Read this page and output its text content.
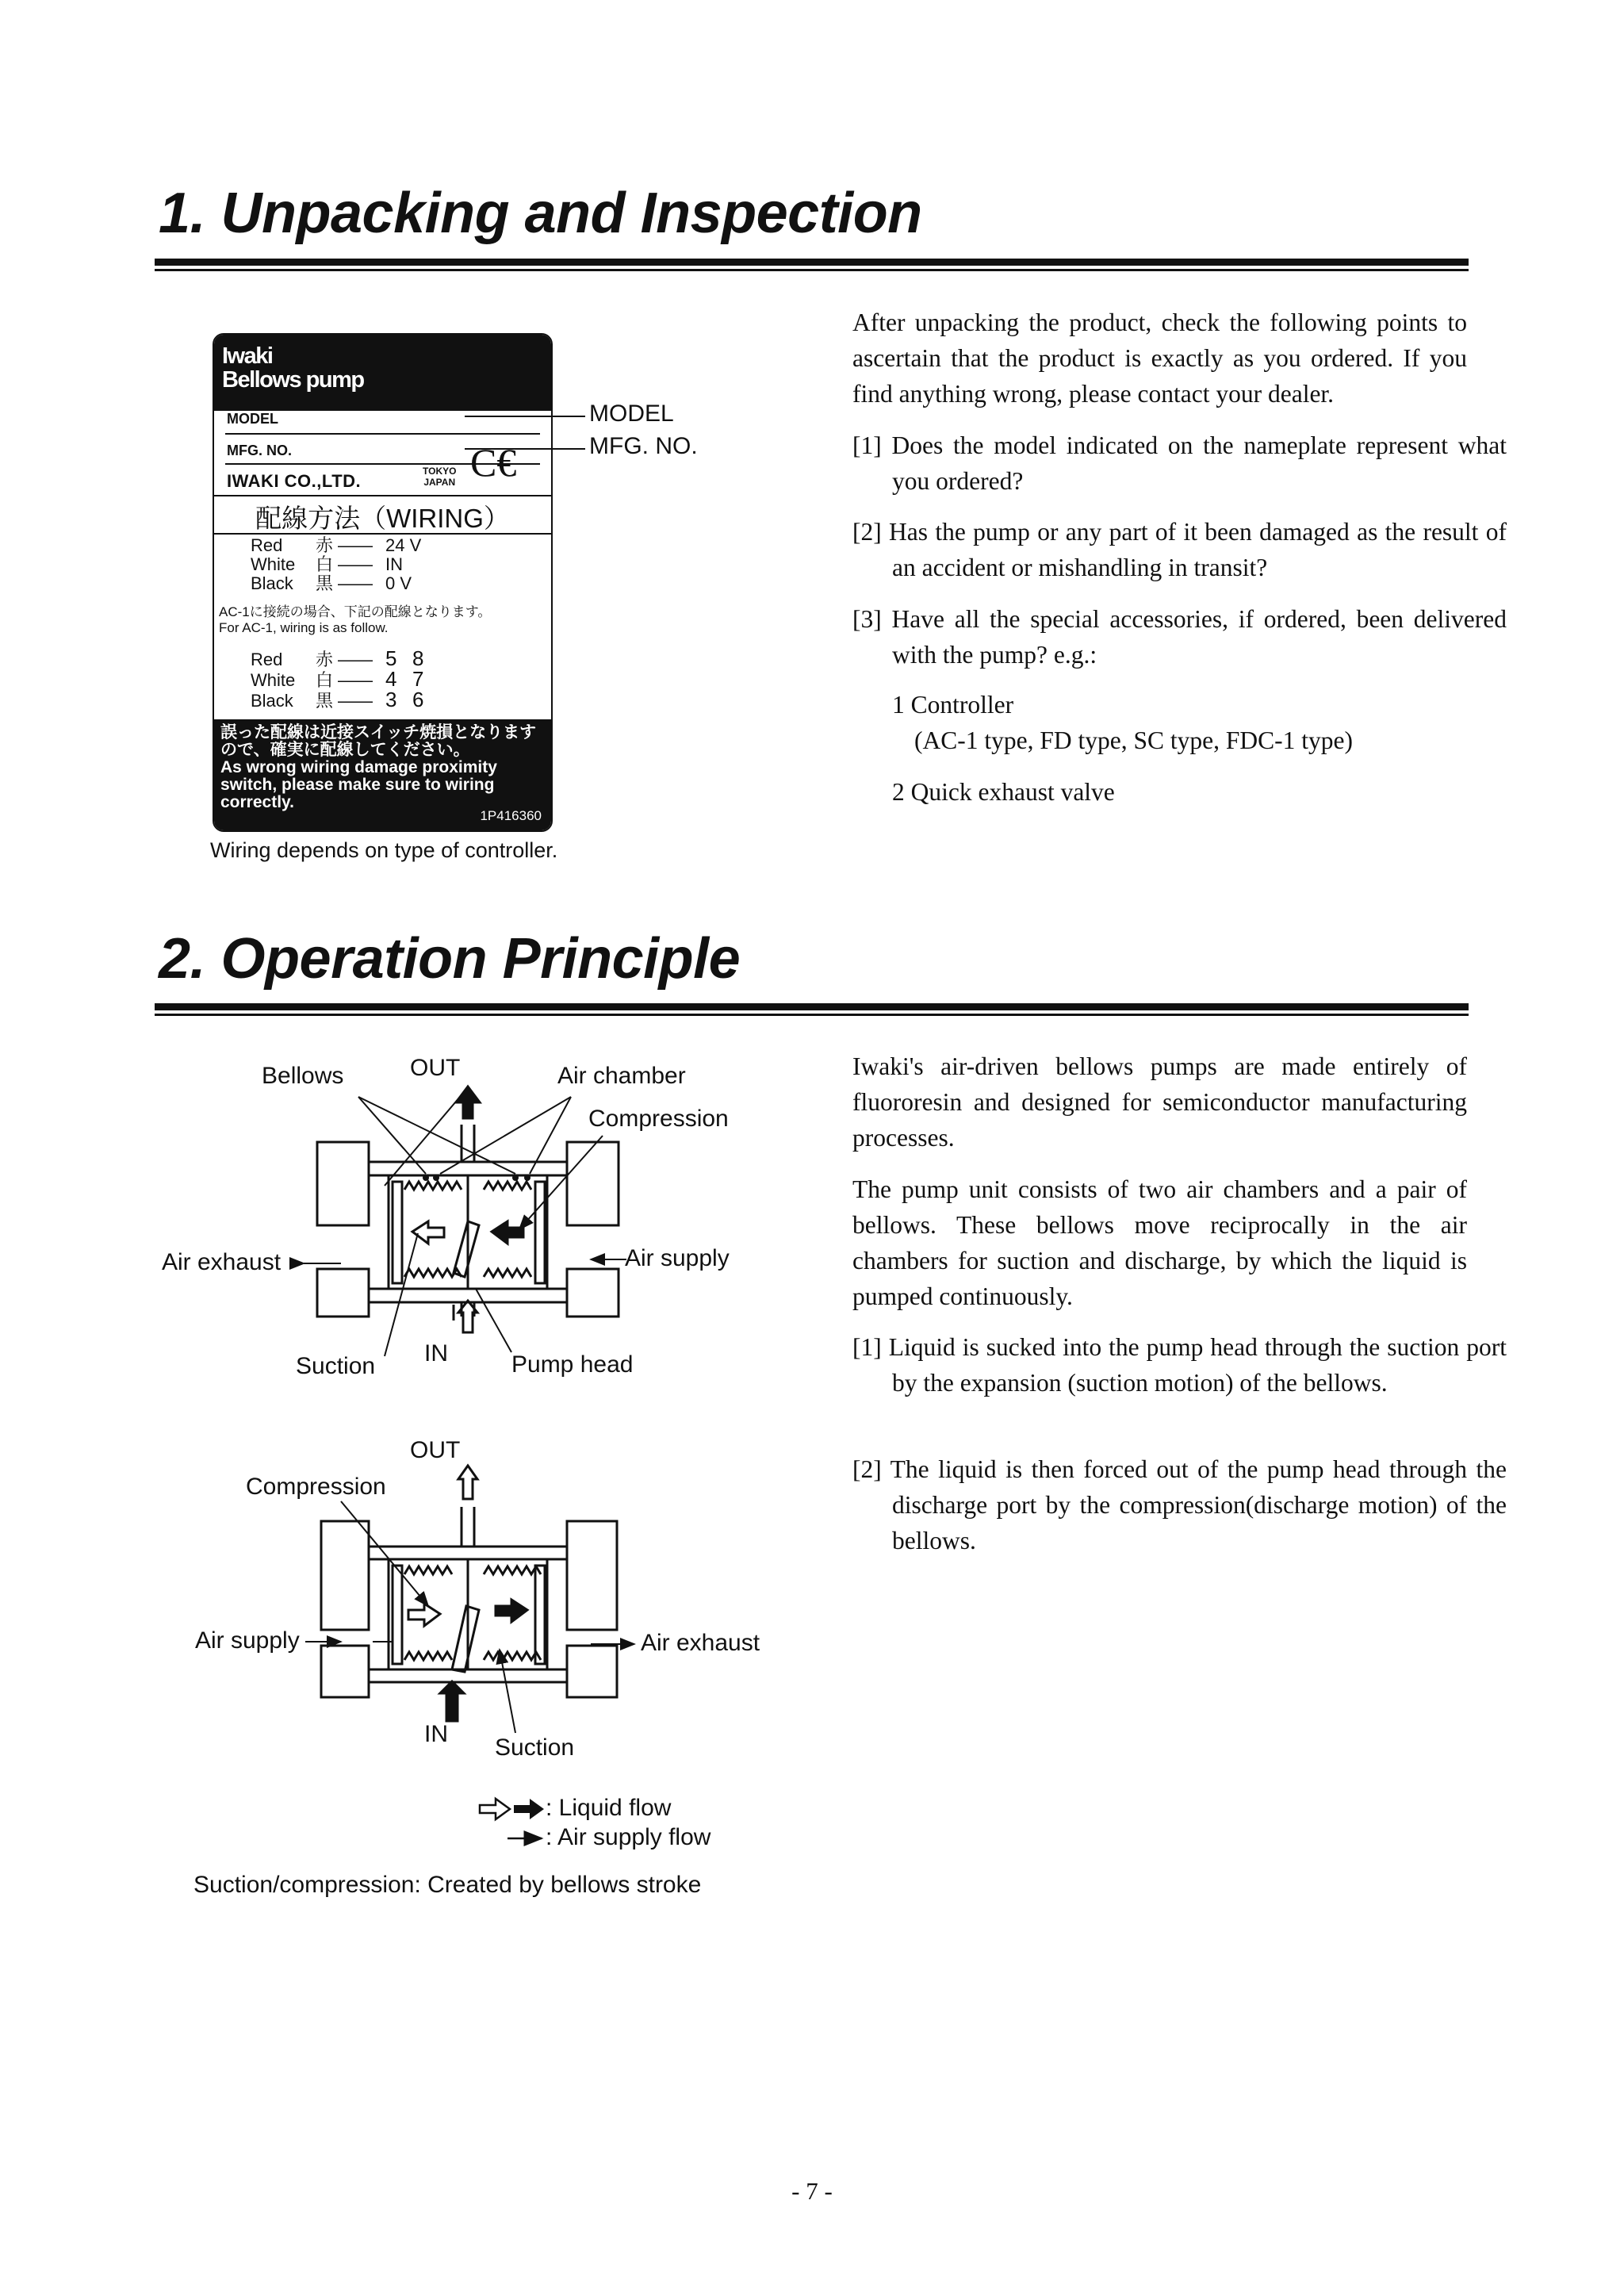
1. Unpacking and Inspection
Iwaki
Bellows pump
MODEL
MFG. NO.
IWAKI CO.,LTD.	TOKYO
JAPAN C€
配線方法（WIRING）
Red 赤 —— 24 V
White 白 —— IN
Black 黒 —— 0 V
AC-1に接続の場合、下記の配線となります。
For AC-1, wiring is as follow.
Red 赤 —— 5 8
White 白 —— 4 7
Black 黒 —— 3 6

誤った配線は近接スイッチ焼損となります
ので、確実に配線してください。
As wrong wiring damage proximity
switch, please make sure to wiring
correctly.

1P416360
MODEL
MFG. NO.
Wiring depends on type of controller.

After unpacking the product, check the following points to ascertain that the product is exactly as you ordered. If you find anything wrong, please contact your dealer.

[1] Does the model indicated on the nameplate represent what you ordered?

[2] Has the pump or any part of it been damaged as the result of an accident or mishandling in transit?

[3] Have all the special accessories, if ordered, been delivered with the pump? e.g.:

1 Controller

(AC-1 type, FD type, SC type, FDC-1 type)

2 Quick exhaust valve

2. Operation Principle
Bellows	OUT	Air chamber
Compression
Air exhaust	Air supply
Suction IN	Pump head
OUT
Compression
Air supply	Air exhaust
IN
Suction
: Liquid flow
: Air supply flow
Suction/compression: Created by bellows stroke

Iwaki's air-driven bellows pumps are made entirely of fluororesin and designed for semiconductor manufacturing processes.

The pump unit consists of two air chambers and a pair of bellows. These bellows move reciprocally in the air chambers for suction and discharge, by which the liquid is pumped continuously.

[1] Liquid is sucked into the pump head through the suction port by the expansion (suction motion) of the bellows.

[2] The liquid is then forced out of the pump head through the discharge port by the compression(discharge motion) of the bellows.

- 7 -
